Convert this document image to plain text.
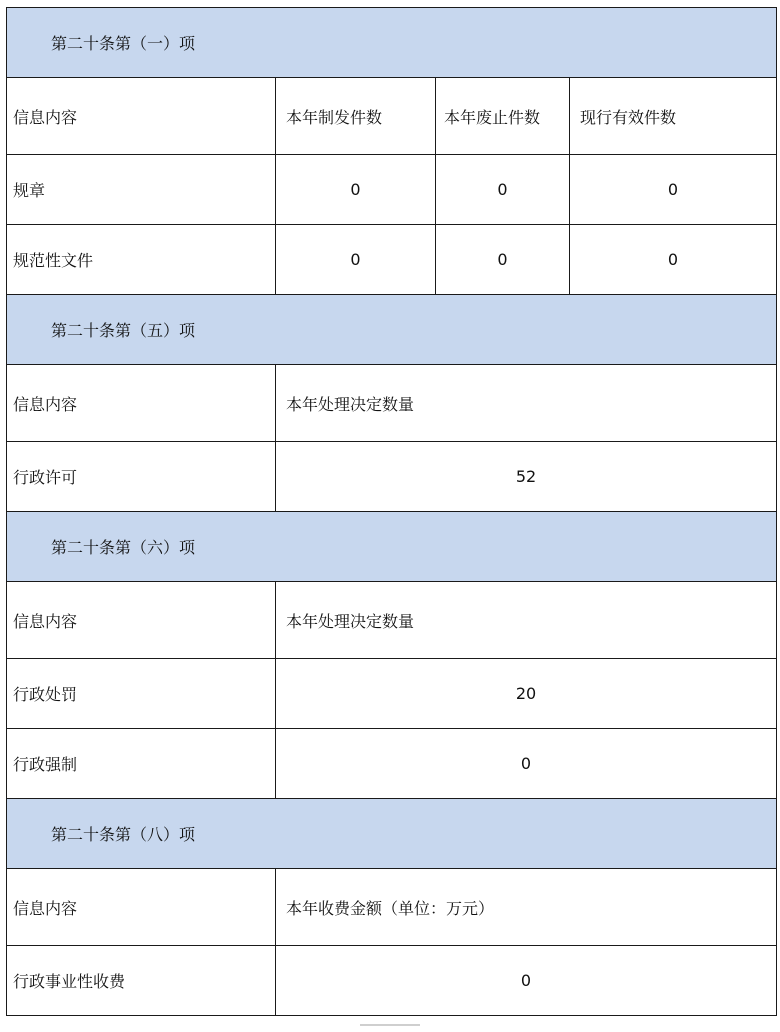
第二十条第（一）项			
信息内容	本年制发件数	本年废止件数	现行有效件数
规章	0	0	0
规范性文件	0	0	0
第二十条第（五）项			
信息内容	本年处理决定数量		
行政许可	52		
第二十条第（六）项			
信息内容	本年处理决定数量		
行政处罚	20		
行政强制	0		
第二十条第（八）项			
信息内容	本年收费金额（单位：万元）		
行政事业性收费	0		
